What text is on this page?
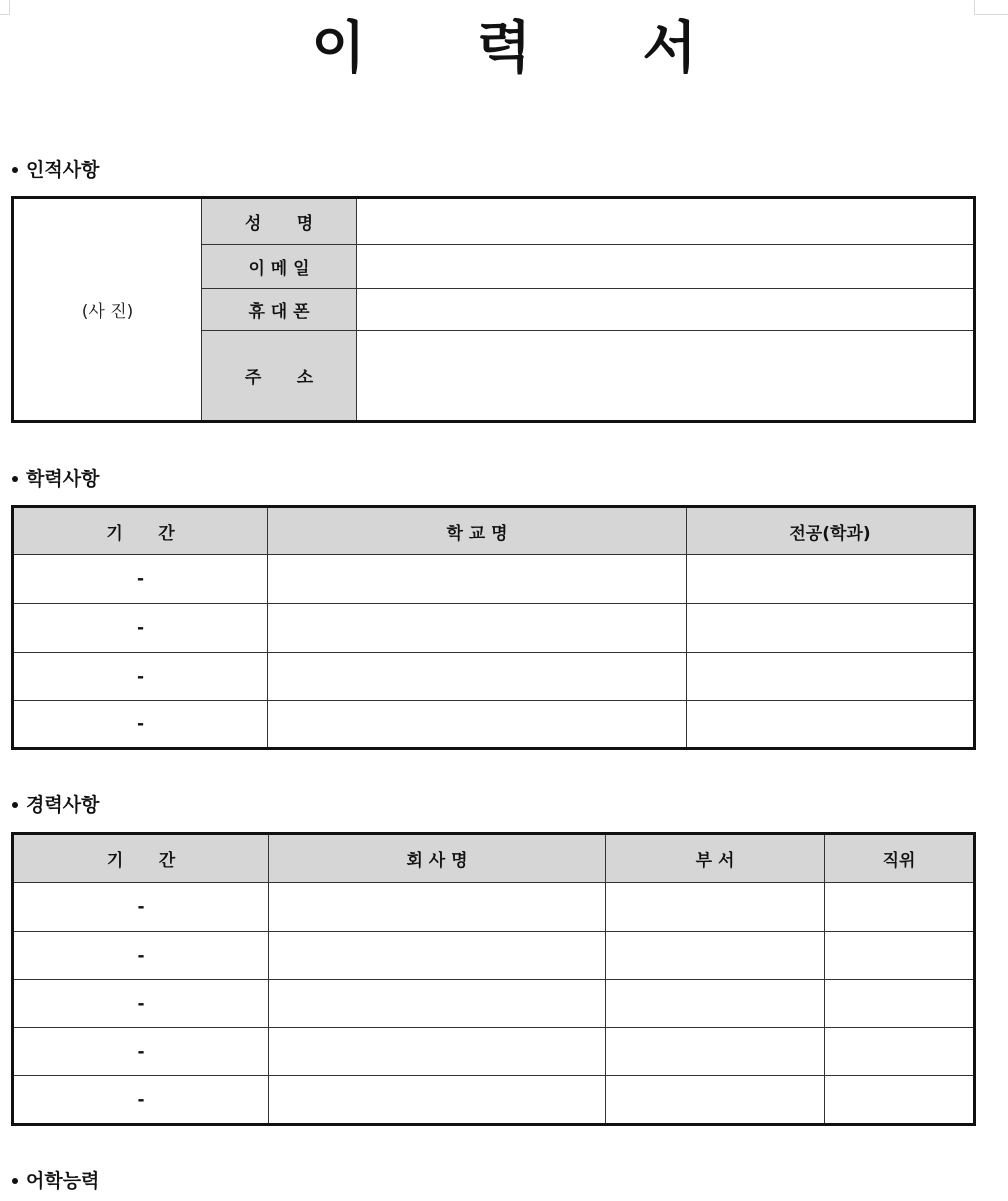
이 력 서
인적사항
(사 진)	성      명	
	이 메 일	
	휴 대 폰	
	주      소	
학력사항
기      간	학 교 명	전공(학과)
-		
-		
-		
-		
경력사항
기      간	회 사 명	부 서	직위
-			
-			
-			
-			
-			
어학능력
